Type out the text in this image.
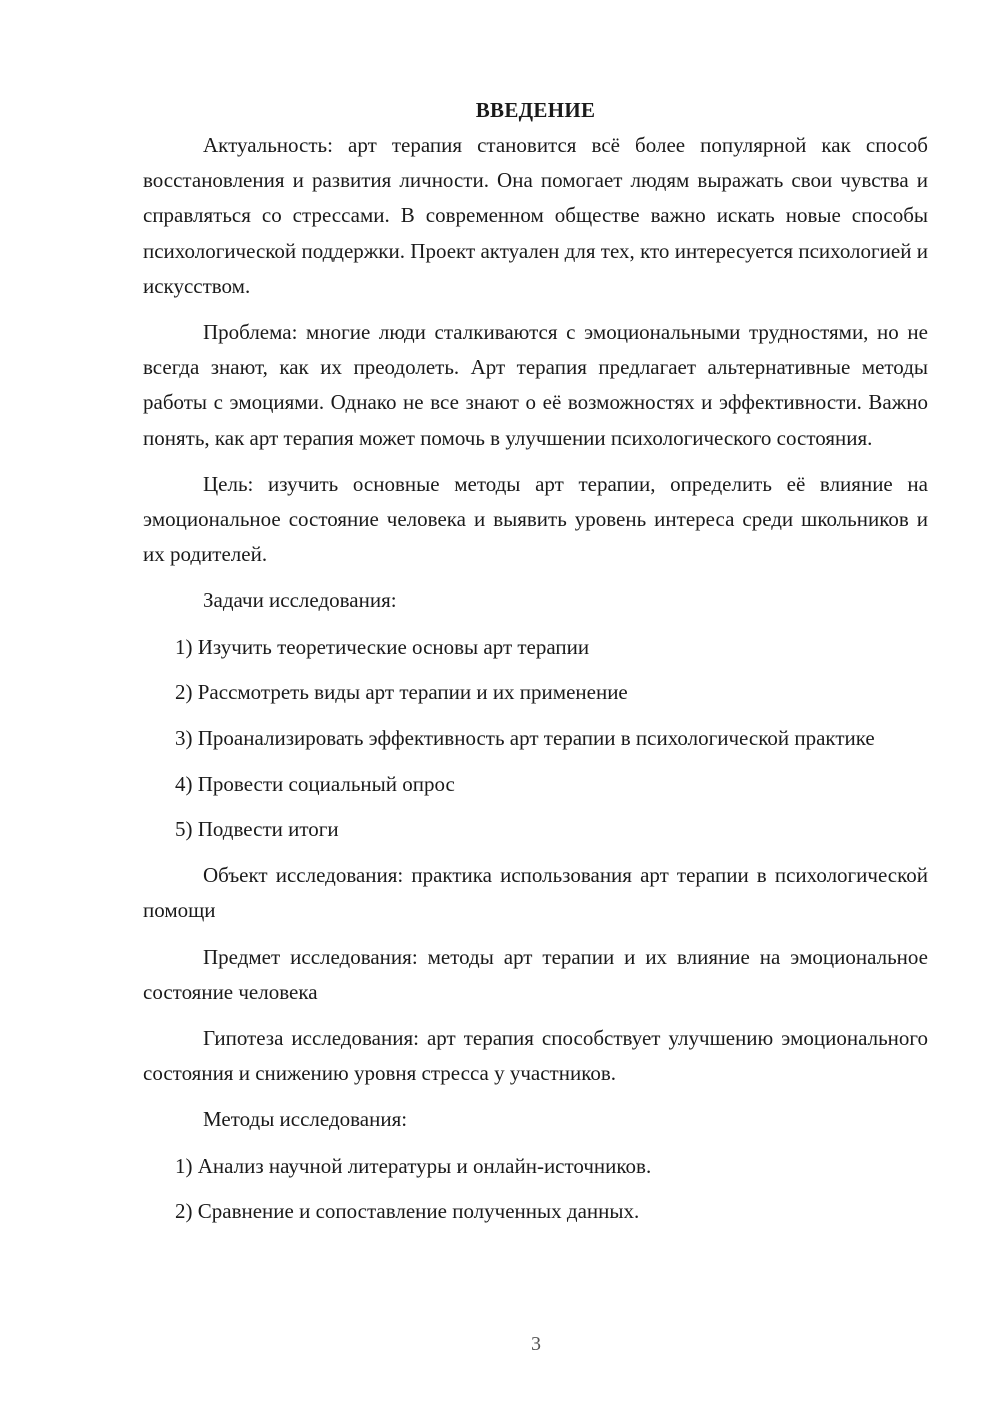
ВВЕДЕНИЕ

Актуальность: арт терапия становится всё более популярной как способ восстановления и развития личности. Она помогает людям выражать свои чувства и справляться со стрессами. В современном обществе важно искать новые способы психологической поддержки. Проект актуален для тех, кто интересуется психологией и искусством.

Проблема: многие люди сталкиваются с эмоциональными трудностями, но не всегда знают, как их преодолеть. Арт терапия предлагает альтернативные методы работы с эмоциями. Однако не все знают о её возможностях и эффективности. Важно понять, как арт терапия может помочь в улучшении психологического состояния.

Цель: изучить основные методы арт терапии, определить её влияние на эмоциональное состояние человека и выявить уровень интереса среди школьников и их родителей.

Задачи исследования:

1) Изучить теоретические основы арт терапии

2) Рассмотреть виды арт терапии и их применение

3) Проанализировать эффективность арт терапии в психологической практике

4) Провести социальный опрос

5) Подвести итоги

Объект исследования: практика использования арт терапии в психологической помощи

Предмет исследования: методы арт терапии и их влияние на эмоциональное состояние человека

Гипотеза исследования: арт терапия способствует улучшению эмоционального состояния и снижению уровня стресса у участников.

Методы исследования:

1) Анализ научной литературы и онлайн-источников.

2) Сравнение и сопоставление полученных данных.

3
